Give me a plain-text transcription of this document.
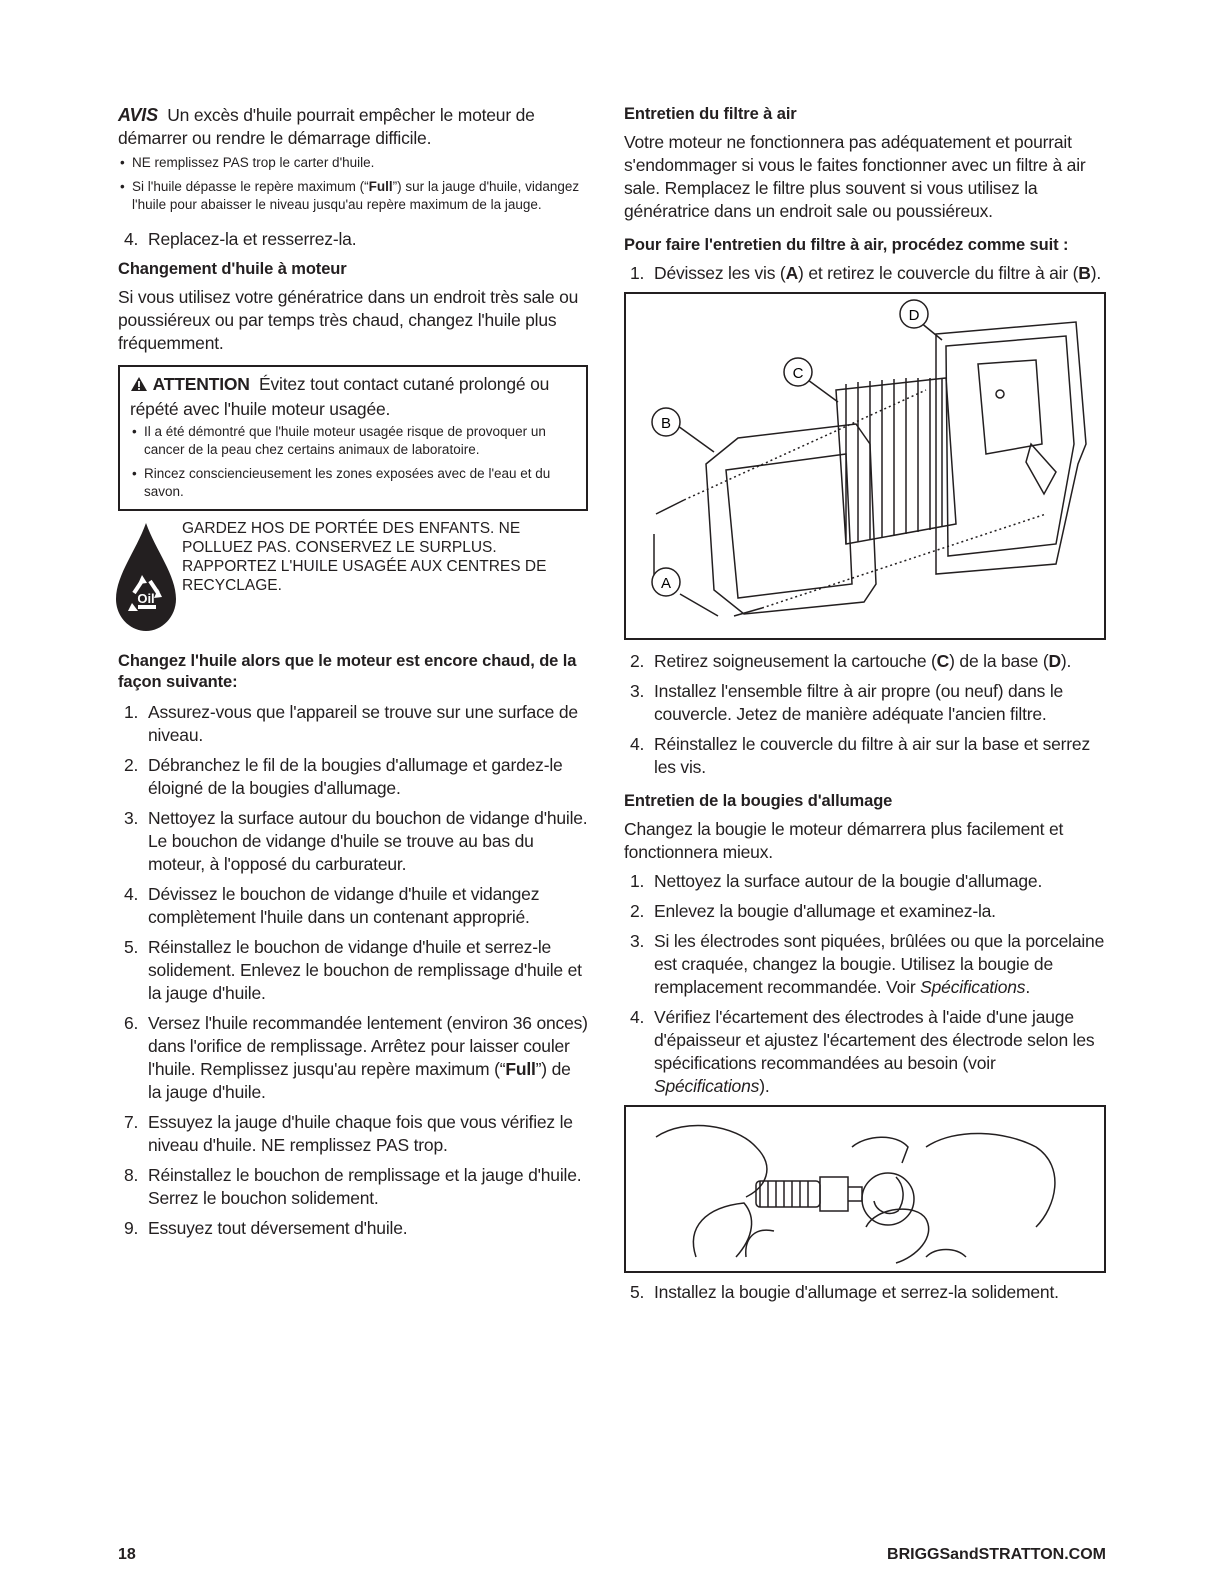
AVIS Un excès d'huile pourrait empêcher le moteur de démarrer ou rendre le démarrage difficile.

• NE remplissez PAS trop le carter d'huile.
• Si l'huile dépasse le repère maximum (“Full”) sur la jauge d'huile, vidangez l'huile pour abaisser le niveau jusqu'au repère maximum de la jauge.
4. Replacez-la et resserrez-la.
Changement d'huile à moteur

Si vous utilisez votre génératrice dans un endroit très sale ou poussiéreux ou par temps très chaud, changez l'huile plus fréquemment.

ATTENTION Évitez tout contact cutané prolongé ou répété avec l'huile moteur usagée.

• Il a été démontré que l'huile moteur usagée risque de provoquer un cancer de la peau chez certains animaux de laboratoire.
• Rincez consciencieusement les zones exposées avec de l'eau et du savon.
Oil

GARDEZ HOS DE PORTÉE DES ENFANTS. NE POLLUEZ PAS. CONSERVEZ LE SURPLUS. RAPPORTEZ L'HUILE USAGÉE AUX CENTRES DE RECYCLAGE.

Changez l'huile alors que le moteur est encore chaud, de la façon suivante:
1. Assurez-vous que l'appareil se trouve sur une surface de niveau.
2. Débranchez le fil de la bougies d'allumage et gardez-le éloigné de la bougies d'allumage.
3. Nettoyez la surface autour du bouchon de vidange d'huile. Le bouchon de vidange d'huile se trouve au bas du moteur, à l'opposé du carburateur.
4. Dévissez le bouchon de vidange d'huile et vidangez complètement l'huile dans un contenant approprié.
5. Réinstallez le bouchon de vidange d'huile et serrez-le solidement. Enlevez le bouchon de remplissage d'huile et la jauge d'huile.
6. Versez l'huile recommandée lentement (environ 36 onces) dans l'orifice de remplissage. Arrêtez pour laisser couler l'huile. Remplissez jusqu'au repère maximum (“Full”) de la jauge d'huile.
7. Essuyez la jauge d'huile chaque fois que vous vérifiez le niveau d'huile. NE remplissez PAS trop.
8. Réinstallez le bouchon de remplissage et la jauge d'huile. Serrez le bouchon solidement.
9. Essuyez tout déversement d'huile.
Entretien du filtre à air

Votre moteur ne fonctionnera pas adéquatement et pourrait s'endommager si vous le faites fonctionner avec un filtre à air sale. Remplacez le filtre plus souvent si vous utilisez la génératrice dans un endroit sale ou poussiéreux.

Pour faire l'entretien du filtre à air, procédez comme suit :
1. Dévissez les vis (A) et retirez le couvercle du filtre à air (B).
A
B
C
D
2. Retirez soigneusement la cartouche (C) de la base (D).
3. Installez l'ensemble filtre à air propre (ou neuf) dans le couvercle. Jetez de manière adéquate l'ancien filtre.
4. Réinstallez le couvercle du filtre à air sur la base et serrez les vis.
Entretien de la bougies d'allumage

Changez la bougie le moteur démarrera plus facilement et fonctionnera mieux.

1. Nettoyez la surface autour de la bougie d'allumage.
2. Enlevez la bougie d'allumage et examinez-la.
3. Si les électrodes sont piquées, brûlées ou que la porcelaine est craquée, changez la bougie. Utilisez la bougie de remplacement recommandée. Voir Spécifications.
4. Vérifiez l'écartement des électrodes à l'aide d'une jauge d'épaisseur et ajustez l'écartement des électrode selon les spécifications recommandées au besoin (voir Spécifications).
5. Installez la bougie d'allumage et serrez-la solidement.
18	BRIGGSandSTRATTON.COM
